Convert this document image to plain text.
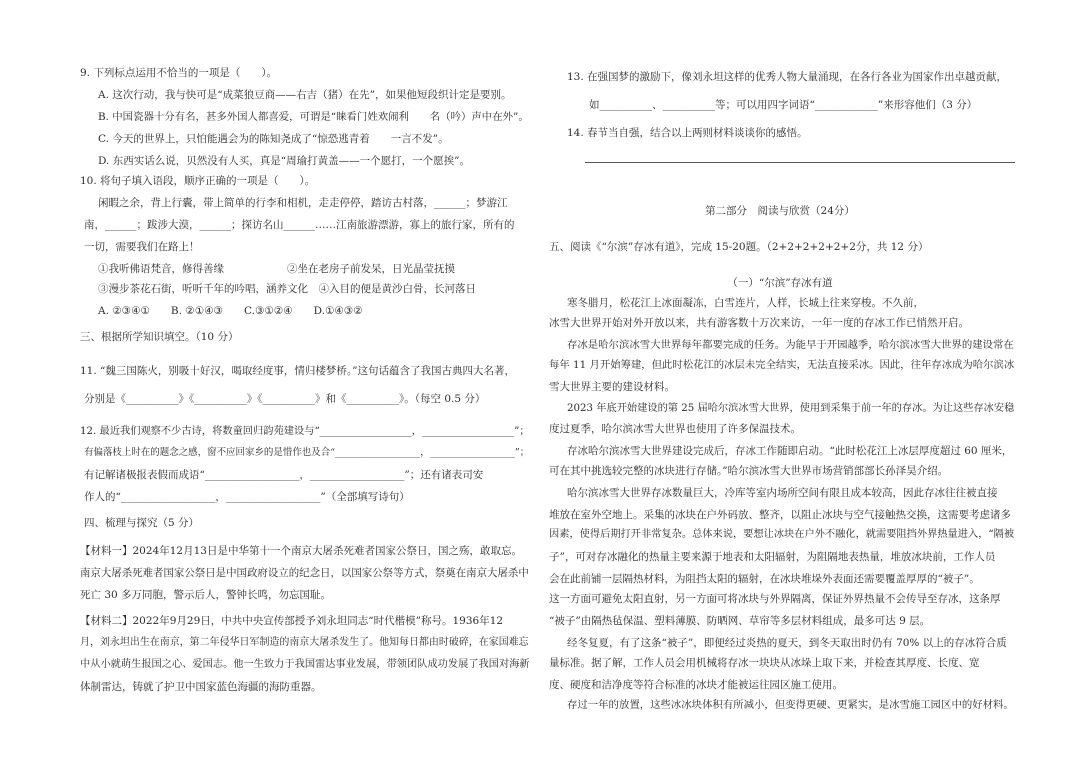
9. 下列标点运用不恰当的一项是（　　）。
A. 这次行动，我与快可是“成菜狼豆商——右吉（猪）在先”，如果他短段织计定是要别。
B. 中国瓷器十分有名，甚多外国人都喜爱，可谓是“睐看门姓欢闹利　　名（吟）声中在外”。
C. 今天的世界上，只怕能遇会为的陈知尧成了“惊恐逃青着　　一言不发”。
D. 东西实话么说，贝然没有人买，真是“周瑜打黄盖——一个愿打，一个愿挨”。
10. 将句子填入语段，顺序正确的一项是（　　）。
闲暇之余，背上行囊，带上简单的行李和相机，走走停停，踏访古村落，______；梦游江
南，______；跋涉大漠，______；探访名山______……江南旅游漂游，寡上的旅行家，所有的
一切，需要我们在路上！
①我听佛语梵音，修得善缘　　　　　　②坐在老房子前发呆，日光晶莹抚摸
③漫步茶花石街，听听千年的吟唱，涵养文化　④入目的便是黄沙白骨，长河落日
A. ②③④①　　B. ②①④③　　C.③①②④　　D.①④③②
三、根据所学知识填空。（10 分）
11. “魏三国陈火，别吸十好汉，喝取经度事，情归楼梦桥。”这句话蕴含了我国古典四大名著，
分别是《__________》《__________》《__________》和《__________》。（每空 0.5 分）
12. 最近我们观察不少古诗，将数童回归韵苑建设与“__________________，__________________”；
有偏落枝上时在的题念之感，窗不应回家乡的是惜作也及合“__________________，__________________”；
有记解诸极报表假而成语“__________________，__________________”；还有诸表司安
作人的“__________________，__________________”（全部填写诗句）
四、梳理与探究（5 分）
【材料一】2024年12月13日是中华第十一个南京大屠杀死难者国家公祭日，国之殇，敢取忘。
南京大屠杀死难者国家公祭日是中国政府设立的纪念日，以国家公祭等方式，祭奠在南京大屠杀中
死亡 30 多万同胞，警示后人，警钟长鸣，勿忘国耻。
【材料二】2022年9月29日，中共中央宣传部授予刘永坦同志“时代楷模”称号。1936年12
月，刘永坦出生在南京，第二年侵华日军制造的南京大屠杀发生了。他知每日都由时破碎，在家国难忘
中从小就萌生报国之心、爱国志。他一生致力于我国雷达事业发展，带领团队成功发展了我国对海新
体制雷达，铸就了护卫中国家蓝色海疆的海防重器。
13. 在强国梦的激励下，像刘永坦这样的优秀人物大量涌现，在各行各业为国家作出卓越贡献，
如__________、__________等；可以用四字词语“____________”来形容他们（3 分）
14. 春节当自强，结合以上两则材料谈谈你的感悟。
第二部分　阅读与欣赏（24分）
五、阅读《“尔滨”存冰有道》，完成 15-20题。（2+2+2+2+2+2分，共 12 分）
（一）“尔滨”存冰有道
寒冬腊月，松花江上冰面凝冻，白雪连片，人样，长城上往来穿梭。不久前，
冰雪大世界开始对外开放以来，共有游客数十万次来访，一年一度的存冰工作已悄然开启。
存冰是哈尔滨冰雪大世界每年都要完成的任务。为能早于开园越季，哈尔滨冰雪大世界的建设常在
每年 11 月开始筹建，但此时松花江的冰层未完全结实，无法直接采冰。因此，往年存冰成为哈尔滨冰
雪大世界主要的建设材料。
2023 年底开始建设的第 25 届哈尔滨冰雪大世界，使用到采集于前一年的存冰。为让这些存冰安稳
度过夏季，哈尔滨冰雪大世界也使用了许多保温技术。
存冰哈尔滨冰雪大世界建设完成后，存冰工作随即启动。“此时松花江上冰层厚度超过 60 厘米，
可在其中挑选较完整的冰块进行存储。”哈尔滨冰雪大世界市场营销部部长孙泽昊介绍。
哈尔滨冰雪大世界存冰数量巨大，冷库等室内场所空间有限且成本较高，因此存冰往往被直接
堆放在室外空地上。采集的冰块在户外码放、整齐，以阻止冰块与空气接触热交换，这需要考虑诸多
因素，使得后期打开非常复杂。总体来说，要想让冰块在户外不融化，就需要阻挡外界热量进入，“隔被
子”，可对存冰融化的热量主要来源于地表和太阳辐射，为阻隔地表热量，堆放冰块前，工作人员
会在此前铺一层隔热材料，为阻挡太阳的辐射，在冰块堆垛外表面还需要覆盖厚厚的“被子”。
这一方面可避免太阳直射，另一方面可将冰块与外界隔离，保证外界热量不会传导至存冰，这条厚
“被子”由隔热毡保温、塑料薄膜、防晒网、草帘等多层材料组成，最多可达 9 层。
经冬复夏，有了这条“被子”，即便经过炎热的夏天，到冬天取出时仍有 70% 以上的存冰符合质
量标准。据了解，工作人员会用机械将存冰一块块从冰垛上取下来，并检查其厚度、长度、宽
度、硬度和洁净度等符合标准的冰块才能被运往园区施工使用。
存过一年的放置，这些冰冰块体积有所减小，但变得更硬、更紧实，是冰雪施工园区中的好材料。
